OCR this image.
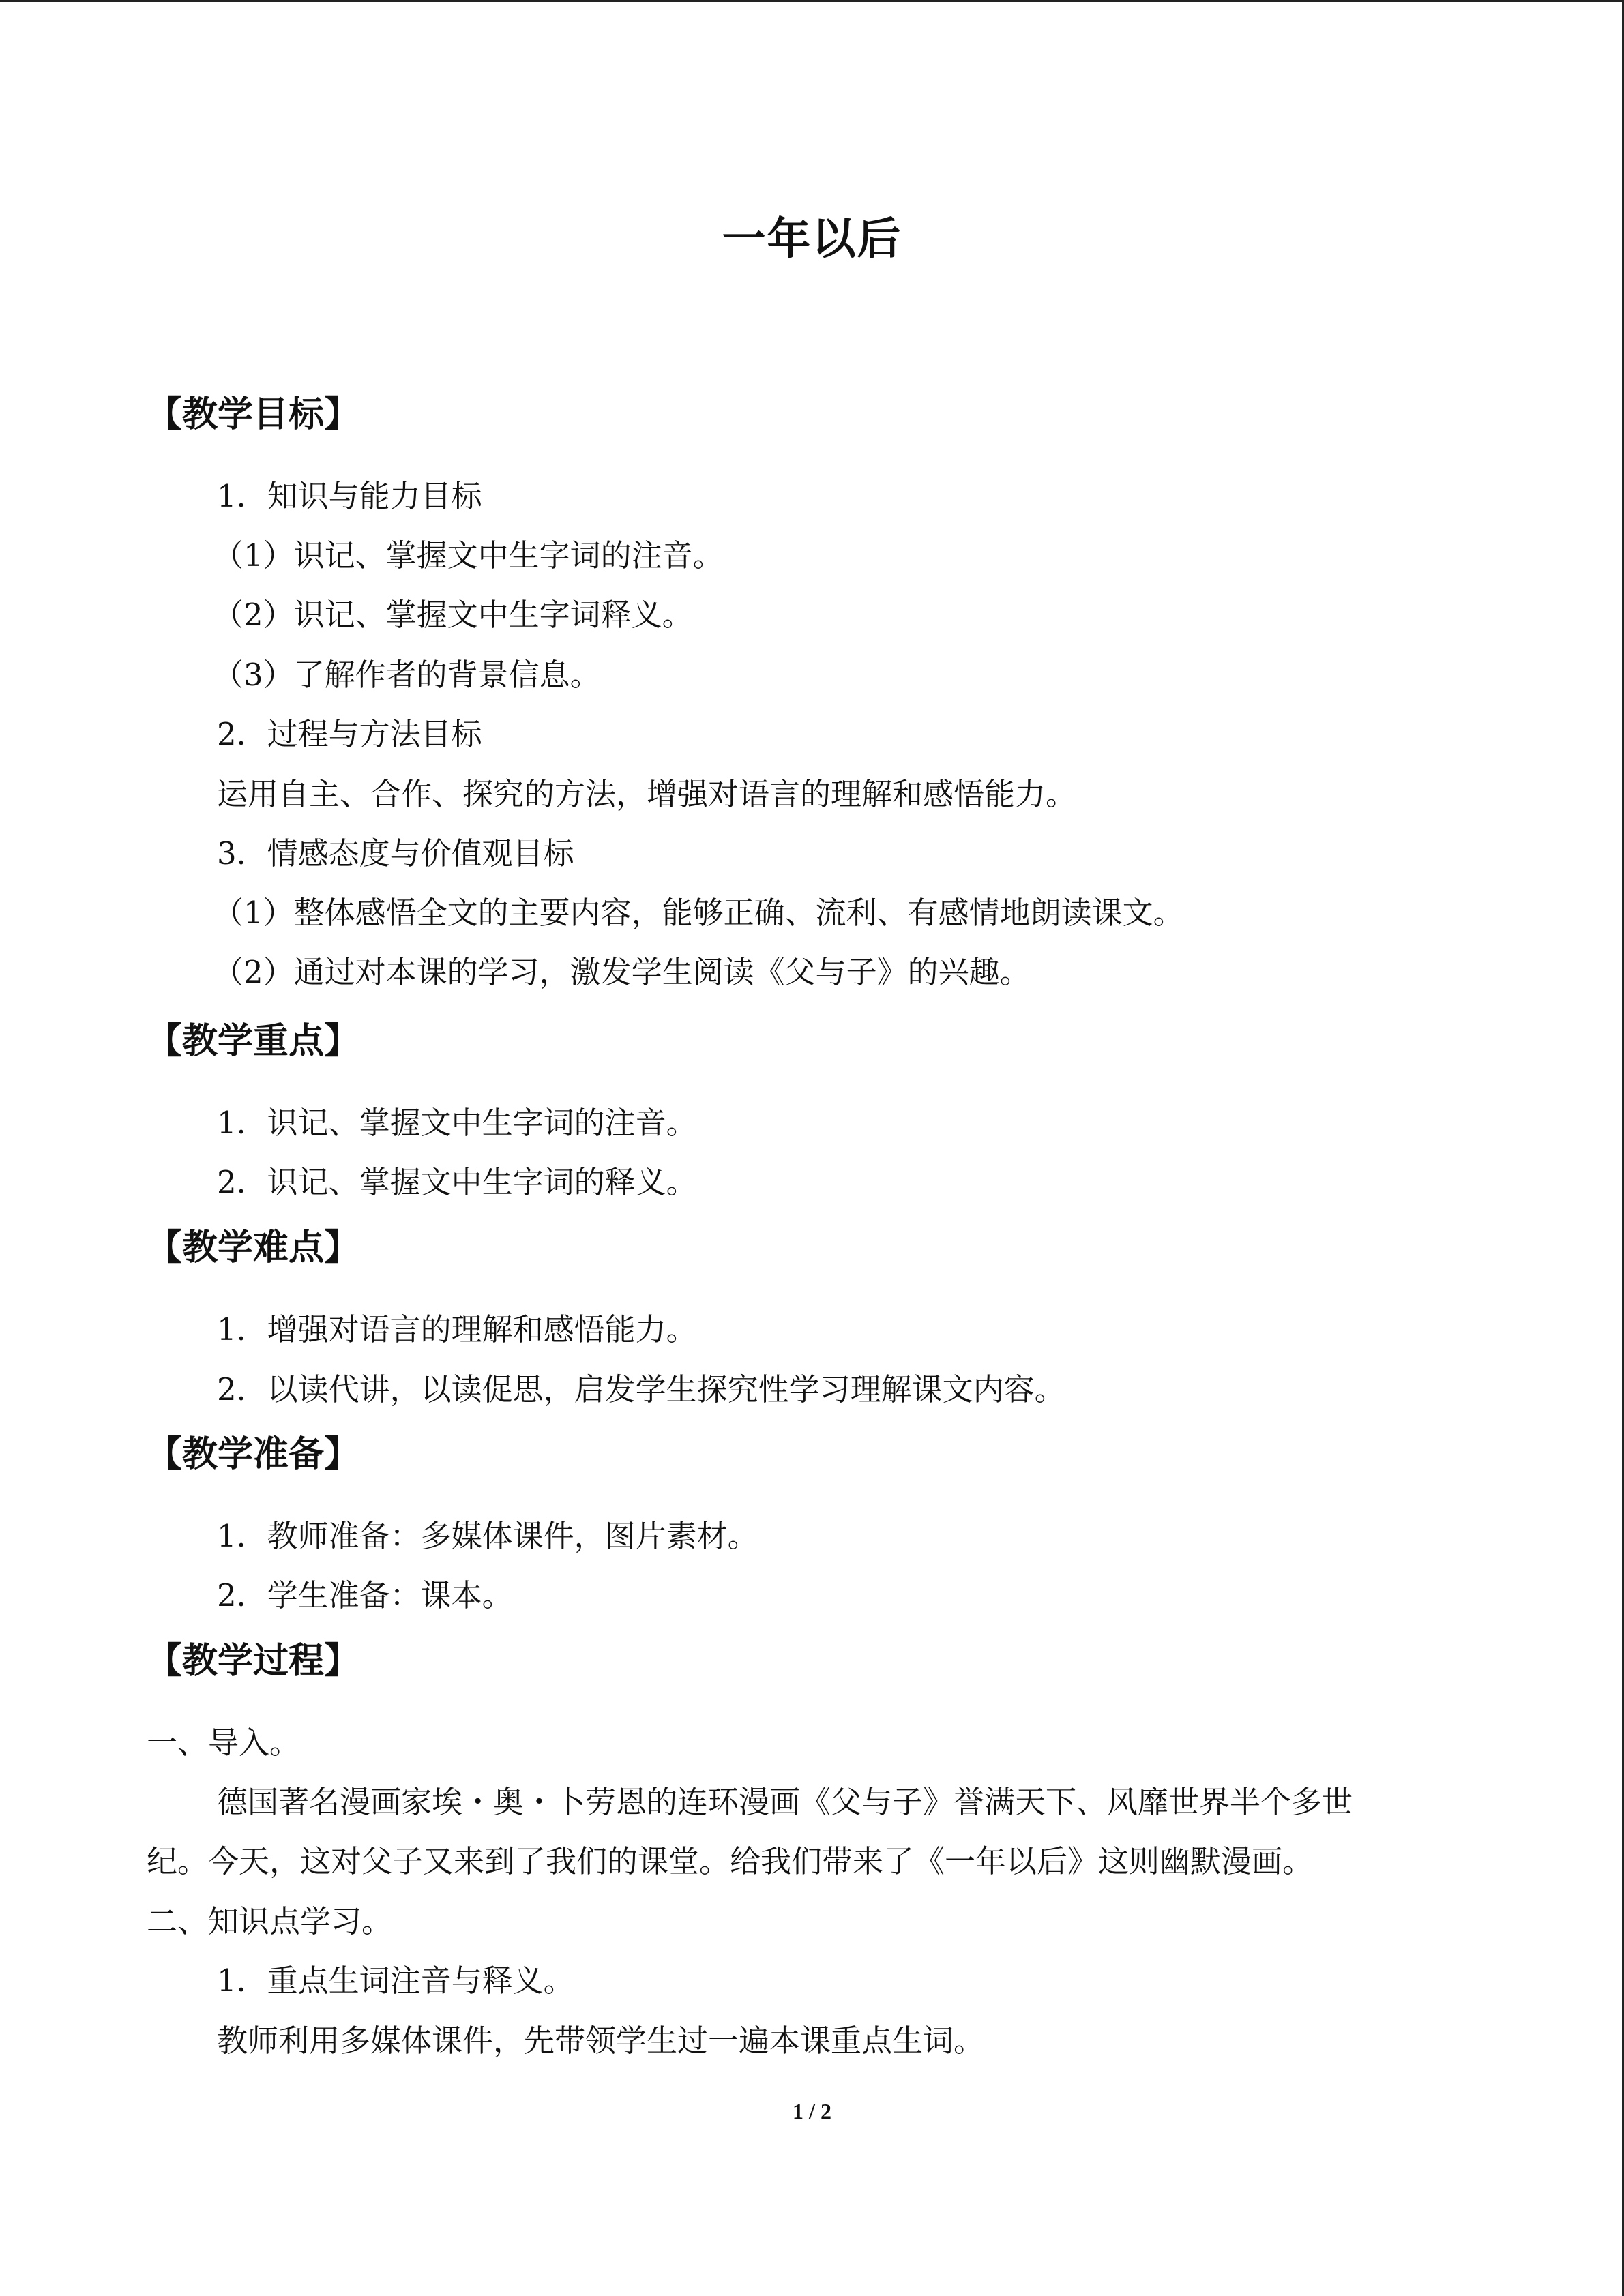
一年以后
【教学目标】
1．知识与能力目标
（1）识记、掌握文中生字词的注音。
（2）识记、掌握文中生字词释义。
（3）了解作者的背景信息。
2．过程与方法目标
运用自主、合作、探究的方法，增强对语言的理解和感悟能力。
3．情感态度与价值观目标
（1）整体感悟全文的主要内容，能够正确、流利、有感情地朗读课文。
（2）通过对本课的学习，激发学生阅读《父与子》的兴趣。
【教学重点】
1．识记、掌握文中生字词的注音。
2．识记、掌握文中生字词的释义。
【教学难点】
1．增强对语言的理解和感悟能力。
2．以读代讲，以读促思，启发学生探究性学习理解课文内容。
【教学准备】
1．教师准备：多媒体课件，图片素材。
2．学生准备：课本。
【教学过程】
一、导入。
德国著名漫画家埃・奥・卜劳恩的连环漫画《父与子》誉满天下、风靡世界半个多世
纪。今天，这对父子又来到了我们的课堂。给我们带来了《一年以后》这则幽默漫画。
二、知识点学习。
1．重点生词注音与释义。
教师利用多媒体课件，先带领学生过一遍本课重点生词。
1 / 2
